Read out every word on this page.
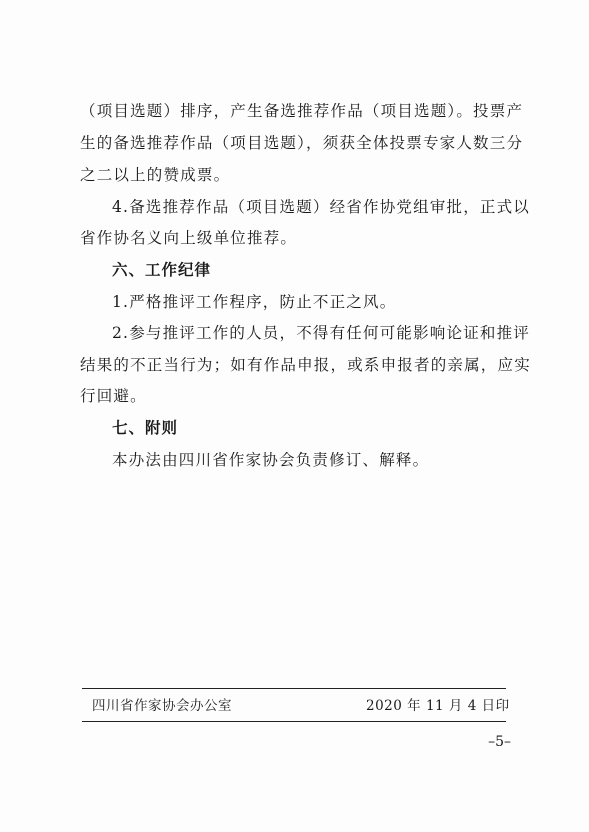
（项目选题）排序，产生备选推荐作品（项目选题）。投票产
生的备选推荐作品（项目选题），须获全体投票专家人数三分
之二以上的赞成票。
4.备选推荐作品（项目选题）经省作协党组审批，正式以
省作协名义向上级单位推荐。
六、工作纪律
1.严格推评工作程序，防止不正之风。
2.参与推评工作的人员，不得有任何可能影响论证和推评
结果的不正当行为；如有作品申报，或系申报者的亲属，应实
行回避。
七、附则
本办法由四川省作家协会负责修订、解释。
四川省作家协会办公室	2020 年 11 月 4 日印
–5–
